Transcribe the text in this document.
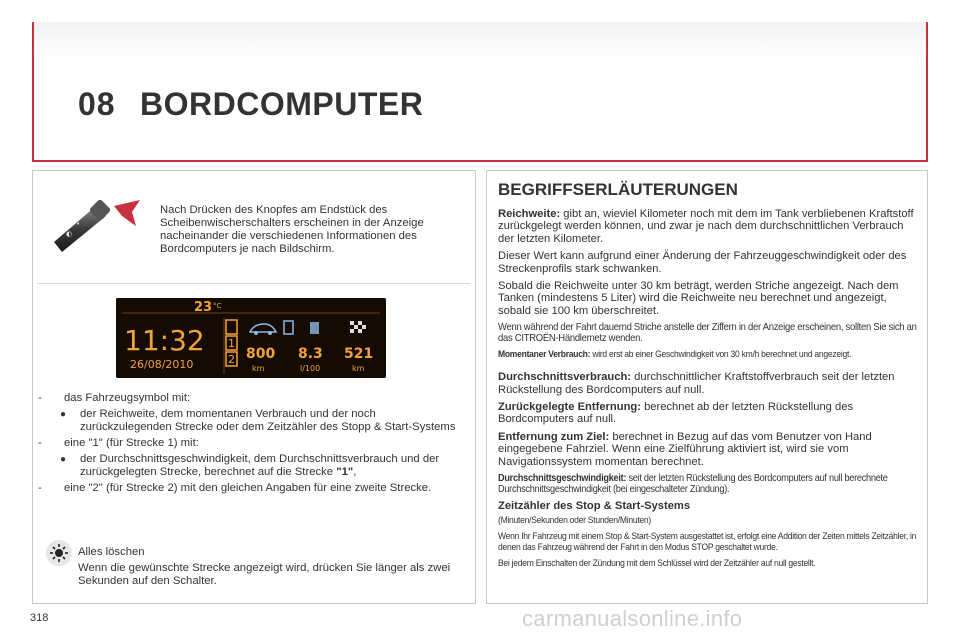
08 BORDCOMPUTER
◐
•
Nach Drücken des Knopfes am Endstück des Scheibenwischerschalters erscheinen in der Anzeige nacheinander die verschiedenen Informationen des Bordcomputers je nach Bildschirm.
23 °C
11:32
26/08/2010
1
2 800
km
8.3
l/100
521
km
- das Fahrzeugsymbol mit:
● der Reichweite, dem momentanen Verbrauch und der noch zurückzulegenden Strecke oder dem Zeitzähler des Stopp & Start-Systems
- eine "1" (für Strecke 1) mit:
● der Durchschnittsgeschwindigkeit, dem Durchschnittsverbrauch und der zurückgelegten Strecke, berechnet auf die Strecke "1",
- eine "2" (für Strecke 2) mit den gleichen Angaben für eine zweite Strecke.
Alles löschen
Wenn die gewünschte Strecke angezeigt wird, drücken Sie länger als zwei Sekunden auf den Schalter.
BEGRIFFSERLÄUTERUNGEN

Reichweite: gibt an, wieviel Kilometer noch mit dem im Tank verbliebenen Kraftstoff zurückgelegt werden können, und zwar je nach dem durchschnittlichen Verbrauch der letzten Kilometer.

Dieser Wert kann aufgrund einer Änderung der Fahrzeuggeschwindigkeit oder des Streckenprofils stark schwanken.

Sobald die Reichweite unter 30 km beträgt, werden Striche angezeigt. Nach dem Tanken (mindestens 5 Liter) wird die Reichweite neu berechnet und angezeigt, sobald sie 100 km überschreitet.

Wenn während der Fahrt dauernd Striche anstelle der Ziffern in der Anzeige erscheinen, sollten Sie sich an das CITROËN-Händlernetz wenden.

Momentaner Verbrauch: wird erst ab einer Geschwindigkeit von 30 km/h berechnet und angezeigt.

Durchschnittsverbrauch: durchschnittlicher Kraftstoffverbrauch seit der letzten Rückstellung des Bordcomputers auf null.

Zurückgelegte Entfernung: berechnet ab der letzten Rückstellung des Bordcomputers auf null.

Entfernung zum Ziel: berechnet in Bezug auf das vom Benutzer von Hand eingegebene Fahrziel. Wenn eine Zielführung aktiviert ist, wird sie vom Navigationssystem momentan berechnet.

Durchschnittsgeschwindigkeit: seit der letzten Rückstellung des Bordcomputers auf null berechnete Durchschnittsgeschwindigkeit (bei eingeschalteter Zündung).

Zeitzähler des Stop & Start-Systems

(Minuten/Sekunden oder Stunden/Minuten)

Wenn Ihr Fahrzeug mit einem Stop & Start-System ausgestattet ist, erfolgt eine Addition der Zeiten mittels Zeitzähler, in denen das Fahrzeug während der Fahrt in den Modus STOP geschaltet wurde.

Bei jedem Einschalten der Zündung mit dem Schlüssel wird der Zeitzähler auf null gestellt.

318	carmanualsonline.info
